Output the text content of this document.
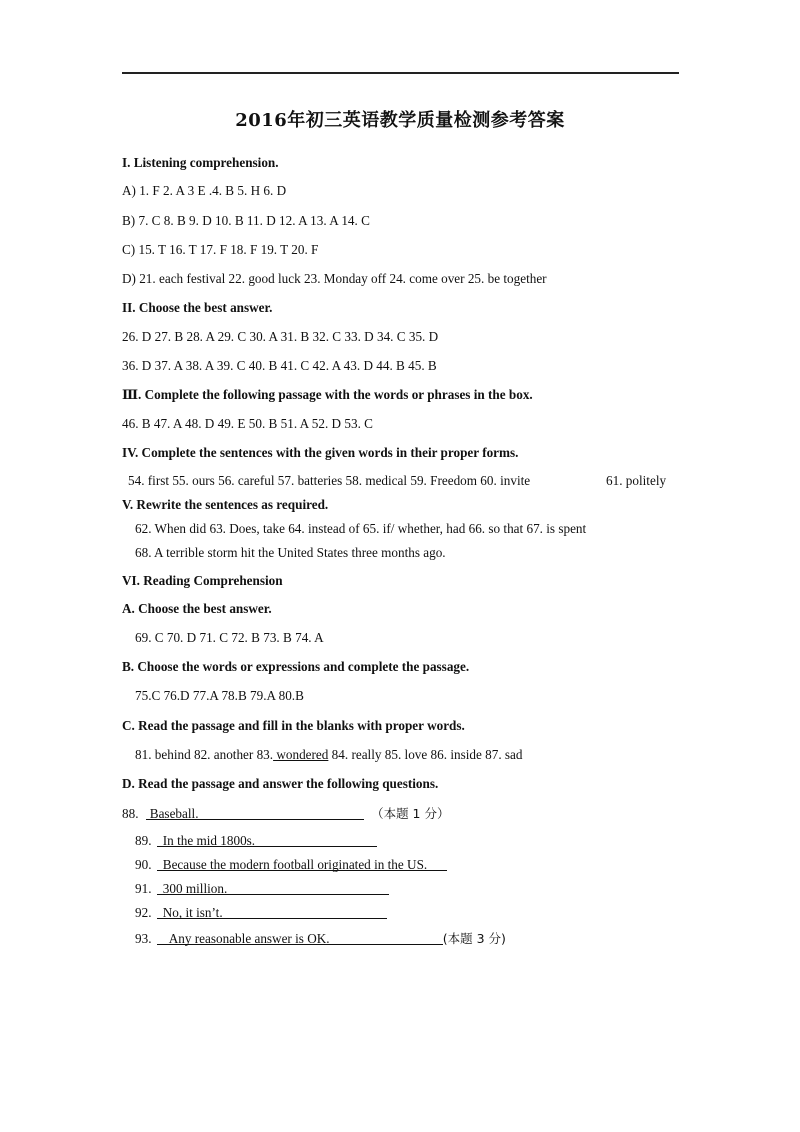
2016年初三英语教学质量检测参考答案
I. Listening comprehension.
A) 1. F 2. A 3 E .4. B 5. H 6. D
B) 7. C 8. B 9. D 10. B 11. D 12. A 13. A 14. C
C) 15. T 16. T 17. F 18. F 19. T 20. F
D) 21. each festival 22. good luck 23. Monday off 24. come over 25. be together
II. Choose the best answer.
26. D 27. B 28. A 29. C 30. A 31. B 32. C 33. D 34. C 35. D
36. D 37. A 38. A 39. C 40. B 41. C 42. A 43. D 44. B 45. B
Ⅲ. Complete the following passage with the words or phrases in the box.
46. B 47. A 48. D 49. E 50. B 51. A 52. D 53. C
IV. Complete the sentences with the given words in their proper forms.
54. first 55. ours 56. careful 57. batteries 58. medical 59. Freedom 60. invite	61. politely
V. Rewrite the sentences as required.
62. When did 63. Does, take 64. instead of 65. if/ whether, had 66. so that 67. is spent
68. A terrible storm hit the United States three months ago.
VI. Reading Comprehension
A. Choose the best answer.
69. C 70. D 71. C 72. B 73. B 74. A
B. Choose the words or expressions and complete the passage.
75.C 76.D 77.A 78.B 79.A 80.B
C. Read the passage and fill in the blanks with proper words.
81. behind 82. another 83. wondered 84. really 85. love 86. inside 87. sad
D. Read the passage and answer the following questions.
88. Baseball.	（本题 1 分）
89. In the mid 1800s.
90. Because the modern football originated in the US.
91. 300 million.
92. No, it isn’t.
93. Any reasonable answer is OK.	(本题 3 分)
